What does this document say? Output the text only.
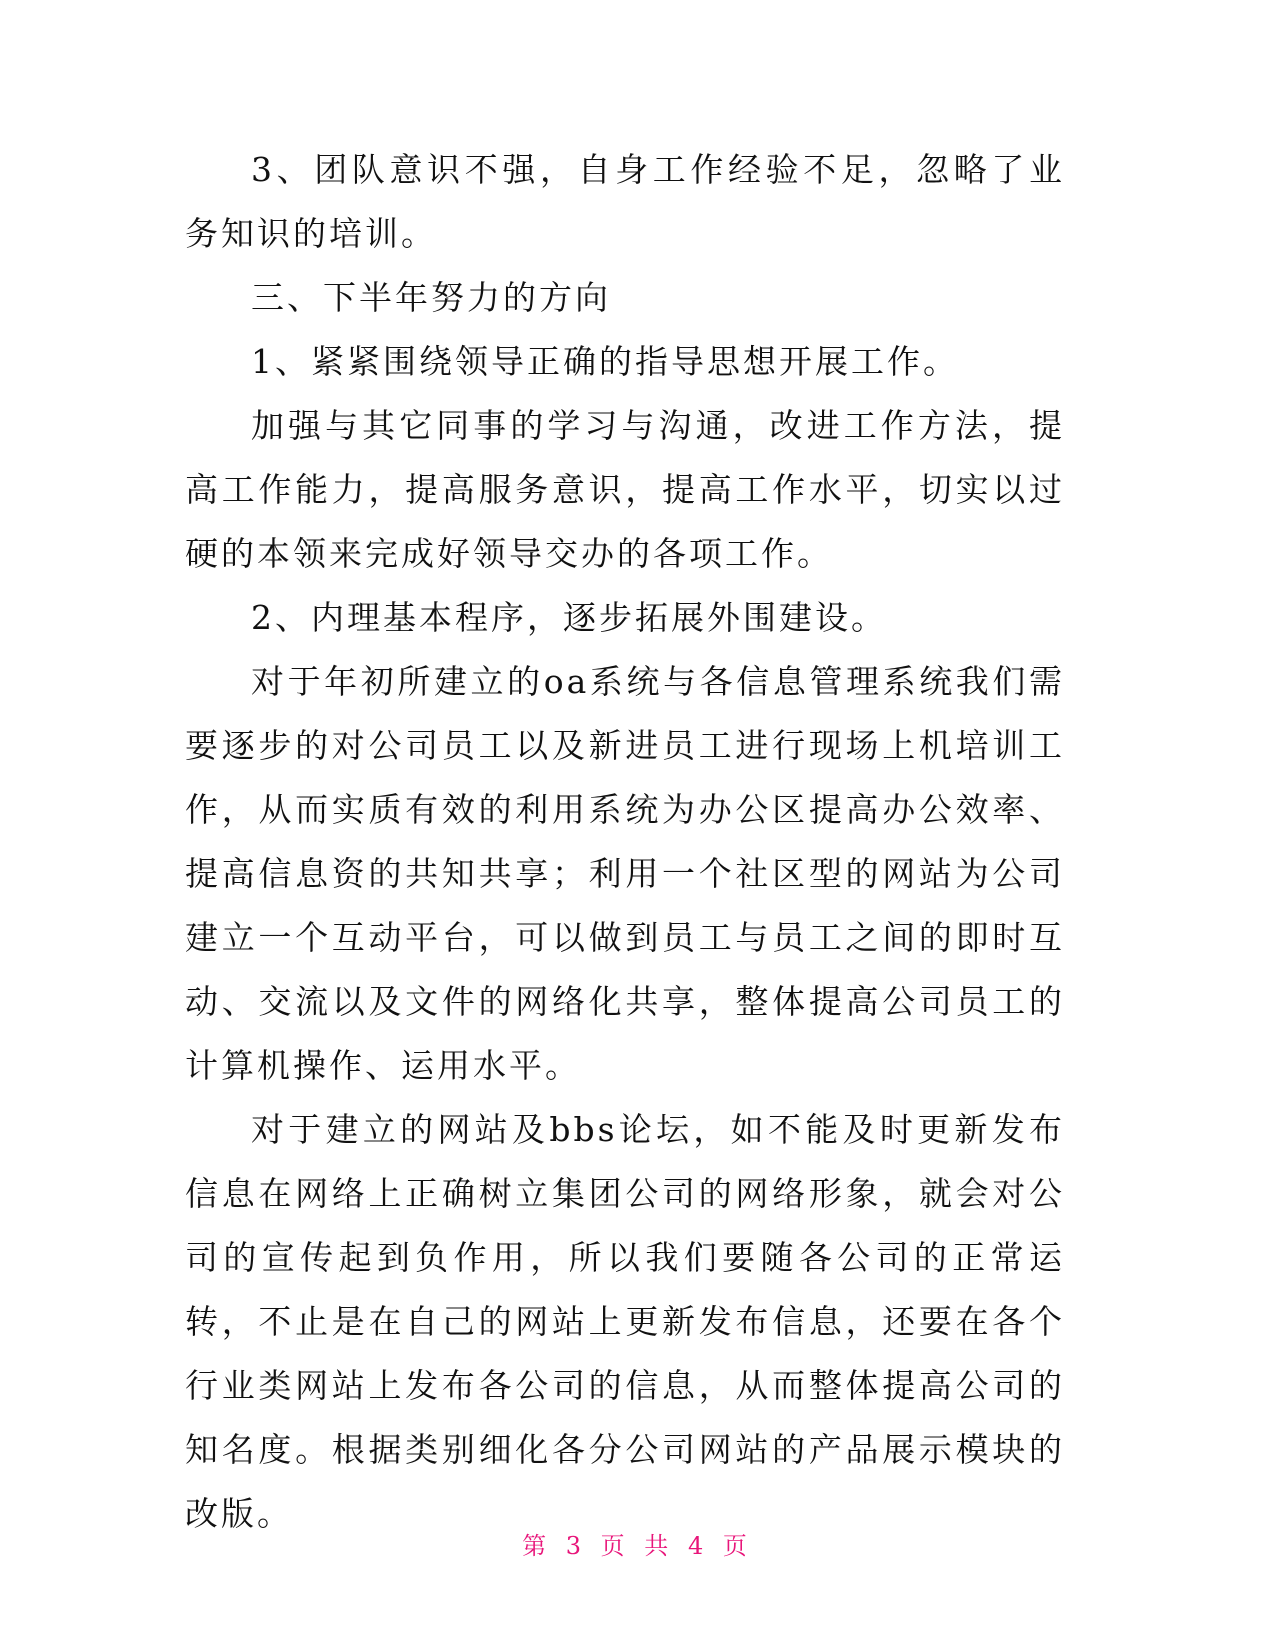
3、团队意识不强，自身工作经验不足，忽略了业务知识的培训。

三、下半年努力的方向

1、紧紧围绕领导正确的指导思想开展工作。

加强与其它同事的学习与沟通，改进工作方法，提高工作能力，提高服务意识，提高工作水平，切实以过硬的本领来完成好领导交办的各项工作。

2、内理基本程序，逐步拓展外围建设。

对于年初所建立的oa系统与各信息管理系统我们需要逐步的对公司员工以及新进员工进行现场上机培训工作，从而实质有效的利用系统为办公区提高办公效率、提高信息资的共知共享；利用一个社区型的网站为公司建立一个互动平台，可以做到员工与员工之间的即时互动、交流以及文件的网络化共享，整体提高公司员工的计算机操作、运用水平。

对于建立的网站及bbs论坛，如不能及时更新发布信息在网络上正确树立集团公司的网络形象，就会对公司的宣传起到负作用，所以我们要随各公司的正常运转，不止是在自己的网站上更新发布信息，还要在各个行业类网站上发布各公司的信息，从而整体提高公司的知名度。根据类别细化各分公司网站的产品展示模块的改版。

第 3 页 共 4 页
